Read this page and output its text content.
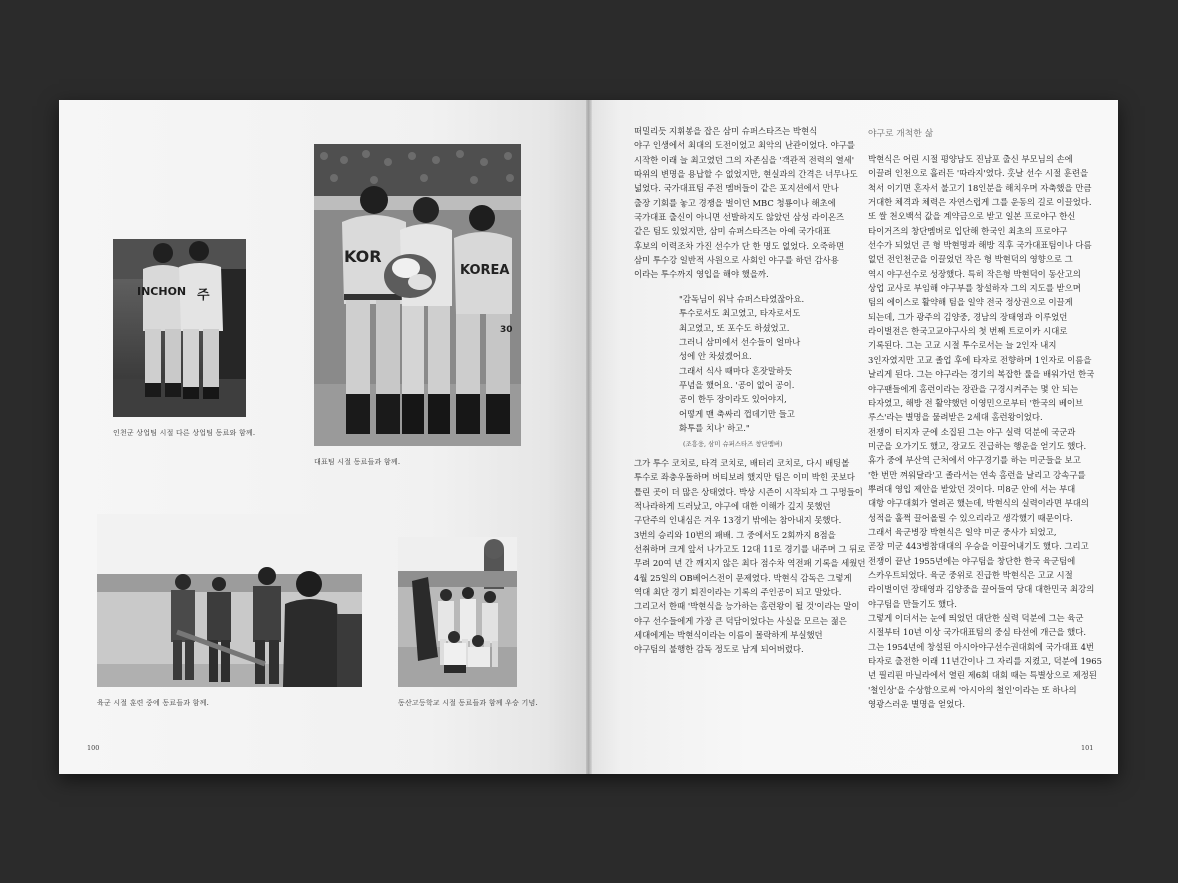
INCHON 주
인천군 상업팀 시절 다른 상업팀 동료와 함께.
KOR
KOREA
30
대표팀 시절 동료들과 함께.
육군 시절 훈련 중에 동료들과 함께.	동산고등학교 시절 동료들과 함께 우승 기념.
100

떠밀리듯 지휘봉을 잡은 삼미 슈퍼스타즈는 박현식

야구 인생에서 최대의 도전이었고 최악의 난관이었다. 야구를

시작한 이래 늘 최고였던 그의 자존심을 '객관적 전력의 열세'

따위의 변명을 용납할 수 없었지만, 현실과의 간격은 너무나도

넓었다. 국가대표팀 주전 멤버들이 같은 포지션에서 만나

출장 기회를 놓고 경쟁을 벌이던 MBC 청룡이나 해초에

국가대표 출신이 아니면 선발하지도 않았던 삼성 라이온즈

같은 팀도 있었지만, 삼미 슈퍼스타즈는 아예 국가대표

후보의 이력조차 가진 선수가 단 한 명도 없었다. 오죽하면

삼미 투수강 일반적 사원으로 사회인 야구를 하던 감사용

이라는 투수까지 영입을 해야 했을까.

"감독님이 워낙 슈퍼스타였잖아요.

투수로서도 최고였고, 타자로서도

최고였고, 또 포수도 하셨었고.

그러니 삼미에서 선수들이 얼마나

성에 안 차셨겠어요.

그래서 식사 때마다 혼잣말하듯

푸념을 했어요. '공이 없어 공이.

공이 한두 장이라도 있어야지,

어떻게 맨 축싸리 껍데기만 들고

화투를 치나' 하고."

(조흥웅, 삼미 슈퍼스타즈 창단멤버)

그가 투수 코치로, 타격 코치로, 배터리 코치로, 다시 배팅볼

투수로 좌충우돌하며 버티보려 했지만 팀은 이미 박힌 곳보다

틀린 곳이 더 많은 상태였다. 박상 시즌이 시작되자 그 구멍들이

적나라하게 드러났고, 야구에 대한 이해가 깊지 못했던

구단주의 인내심은 겨우 13경기 밖에는 참아내지 못했다.

3번의 승리와 10번의 패배. 그 중에서도 2회까지 8점을

선취하며 크게 앞서 나가고도 12대 11로 경기를 내주며 그 뒤로

무려 20여 년 간 깨지지 않은 최다 점수차 역전패 기록을 세웠던

4월 25일의 OB베어스전이 문제였다. 박현식 감독은 그렇게

역대 최단 경기 퇴진이라는 기록의 주인공이 되고 말았다.

그리고서 한때 '박현식을 능가하는 홈런왕이 될 것'이라는 말이

야구 선수들에게 가장 큰 덕담이었다는 사실을 모르는 젊은

세대에게는 박현식이라는 이름이 몰락하게 부실했던

야구팀의 불행한 감독 정도로 남게 되어버렸다.

야구로 개척한 삶

박현식은 어린 시절 평양남도 진남포 출신 부모님의 손에

이끌려 인천으로 흘러든 '따라지'였다. 홋날 선수 시절 훈련을

척서 이기면 혼자서 불고기 18인분을 해치우며 자축했을 만큼

거대한 체격과 체력은 자연스럽게 그를 운동의 길로 이끌었다.

또 쌀 천오백석 값을 계약금으로 받고 일본 프로야구 한신

타이거즈의 창단멤버로 입단해 한국인 최초의 프로야구

선수가 되었던 큰 형 박현명과 해방 직후 국가대표팀이나 다름

없던 전인천군을 이끌었던 작은 형 박현덕의 영향으로 그

역시 야구선수로 성장했다. 특히 작은형 박현덕이 동산고의

상업 교사로 부임해 야구부를 창설하자 그의 지도를 받으며

팀의 에이스로 활약해 팀을 일약 전국 정상권으로 이끌게

되는데, 그가 광주의 김양중, 경남의 장태영과 이루었던

라이벌전은 한국고교야구사의 첫 번째 트로이카 시대로

기록된다. 그는 고교 시절 투수로서는 늘 2인자 내지

3인자였지만 고교 졸업 후에 타자로 전향하며 1인자로 이름을

날리게 된다. 그는 야구라는 경기의 복잡한 룰을 배워가던 한국

야구팬들에게 홈런이라는 장관을 구경시켜주는 몇 안 되는

타자였고, 해방 전 활약했던 이영민으로부터 '한국의 베이브

루스'라는 별명을 물려받은 2세대 홈런왕이었다.

전쟁이 터지자 군에 소집된 그는 야구 실력 덕분에 국군과

미군을 오가기도 했고, 장교도 진급하는 행운을 얻기도 했다.

휴가 중에 부산역 근처에서 야구경기를 하는 미군들을 보고

'한 번만 껴워달라'고 졸라서는 연속 홈런을 날리고 강속구를

뿌려대 영입 제안을 받았던 것이다. 미8군 안에 서는 부대

대항 야구대회가 열려곤 했는데, 박현식의 실력이라면 부대의

성적을 훌쩍 끌어올릴 수 있으리라고 생각했기 때문이다.

그래서 육군병장 박현식은 일약 미군 중사가 되었고,

곧장 미군 443병참대대의 우승을 이끌어내기도 했다. 그리고

전쟁이 끝난 1955년에는 야구팀을 창단한 한국 육군팀에

스카우트되었다. 육군 중위로 진급한 박현식은 고교 시절

라이벌이던 장태영과 김양중을 끌어들여 당대 대한민국 최강의

야구팀을 만들기도 했다.

그렇게 이더서는 눈에 띄었던 대단한 실력 덕분에 그는 육군

시절부터 10년 이상 국가대표팀의 중심 타선에 개근을 했다.

그는 1954년에 창설된 아시아야구선수권대회에 국가대표 4번

타자로 출전한 이래 11년간이나 그 자리를 지켰고, 덕분에 1965

년 필리핀 마닐라에서 열린 제6회 대회 때는 특별상으로 제정된

'철인상'을 수상함으로써 '아시아의 철인'이라는 또 하나의

영광스러운 별명을 얻었다.

101
